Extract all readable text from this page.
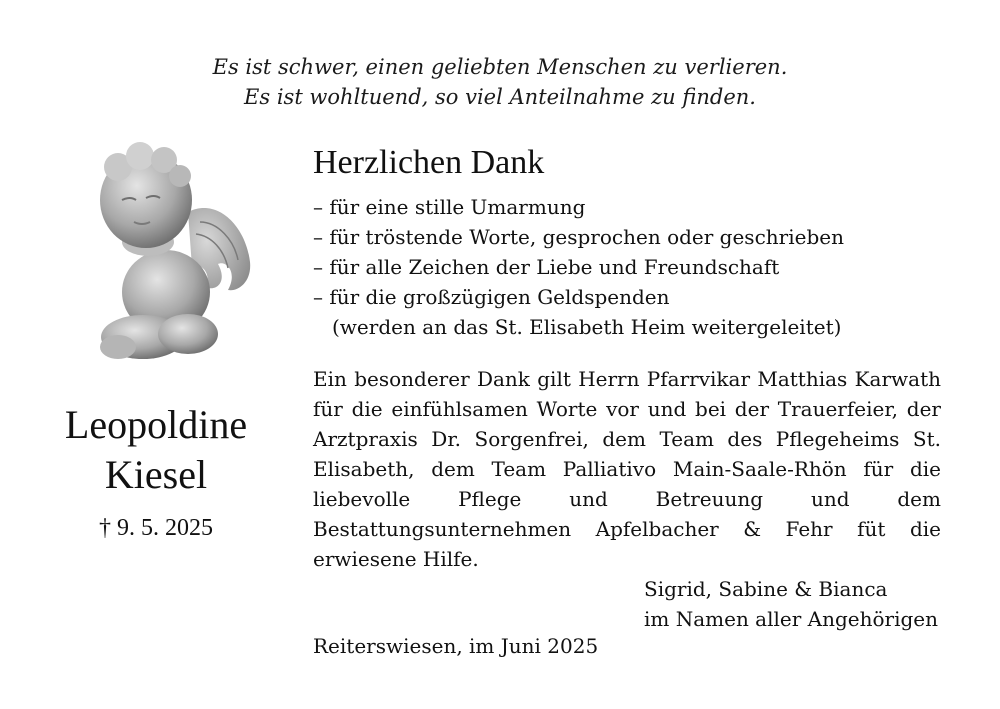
Es ist schwer, einen geliebten Menschen zu verlieren.
Es ist wohltuend, so viel Anteilnahme zu finden.
Leopoldine
Kiesel
† 9. 5. 2025
Herzlichen Dank
– für eine stille Umarmung
– für tröstende Worte, gesprochen oder geschrieben
– für alle Zeichen der Liebe und Freundschaft
– für die großzügigen Geldspenden
(werden an das St. Elisabeth Heim weitergeleitet)

Ein besonderer Dank gilt Herrn Pfarrvikar Matthias Karwath für die einfühlsamen Worte vor und bei der Trauerfeier, der Arztpraxis Dr. Sorgenfrei, dem Team des Pflegeheims St. Elisabeth, dem Team Palliativo Main-Saale-Rhön für die liebevolle Pflege und Betreuung und dem Bestattungsunternehmen Apfelbacher & Fehr füt die erwiesene Hilfe.

Sigrid, Sabine & Bianca
im Namen aller Angehörigen
Reiterswiesen, im Juni 2025
